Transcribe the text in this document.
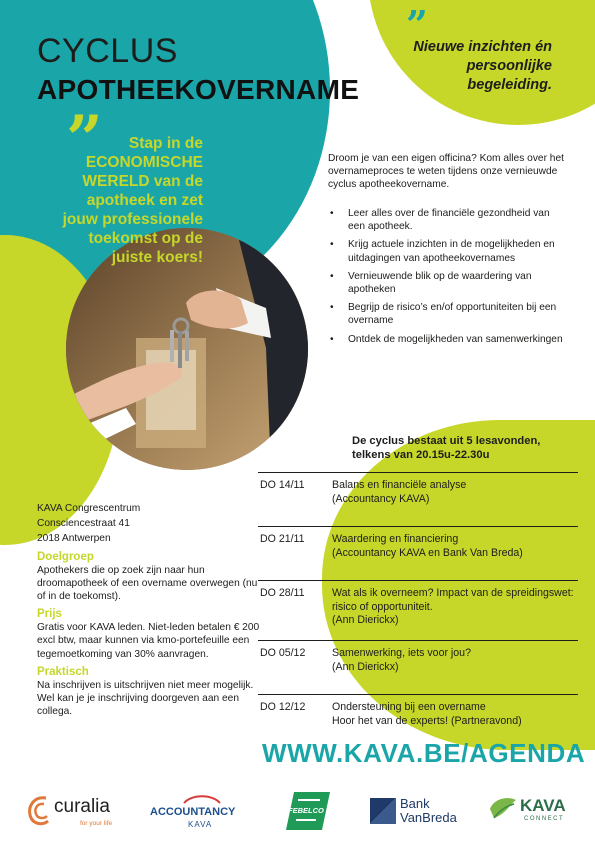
CYCLUS
APOTHEEKOVERNAME
”	Stap in de ECONOMISCHE WERELD van de apotheek en zet jouw professionele toekomst op de juiste koers!
”
Nieuwe inzichten én persoonlijke begeleiding.
Droom je van een eigen officina? Kom alles over het overnameproces te weten tijdens onze vernieuwde cyclus apotheekovername.
• Leer alles over de financiële gezondheid van een apotheek.
• Krijg actuele inzichten in de mogelijkheden en uitdagingen van apotheekovernames
• Vernieuwende blik op de waardering van apotheken
• Begrijp de risico’s en/of opportuniteiten bij een overname
• Ontdek de mogelijkheden van samenwerkingen
De cyclus bestaat uit 5 lesavonden, telkens van 20.15u-22.30u
DO 14/11	Balans en financiële analyse
(Accountancy KAVA)
DO 21/11	Waardering en financiering
(Accountancy KAVA en Bank Van Breda)
DO 28/11	Wat als ik overneem? Impact van de spreidingswet: risico of opportuniteit.
(Ann Dierickx)
DO 05/12	Samenwerking, iets voor jou?
(Ann Dierickx)
DO 12/12	Ondersteuning bij een overname
Hoor het van de experts! (Partneravond)
Locatie

KAVA Congrescentrum

Consciencestraat 41

2018 Antwerpen

Doelgroep

Apothekers die op zoek zijn naar hun droomapotheek of een overname overwegen (nu of in de toekomst).

Prijs

Gratis voor KAVA leden. Niet-leden betalen € 200 excl btw, maar kunnen via kmo-portefeuille een tegemoetkoming van 30% aanvragen.

Praktisch

Na inschrijven is uitschrijven niet meer mogelijk. Wel kan je je inschrijving doorgeven aan een collega.

WWW.KAVA.BE/AGENDA
curalia
for your life
ACCOUNTANCY
KAVA
FEBELCO	Bank
VanBreda
KAVA
CONNECT
